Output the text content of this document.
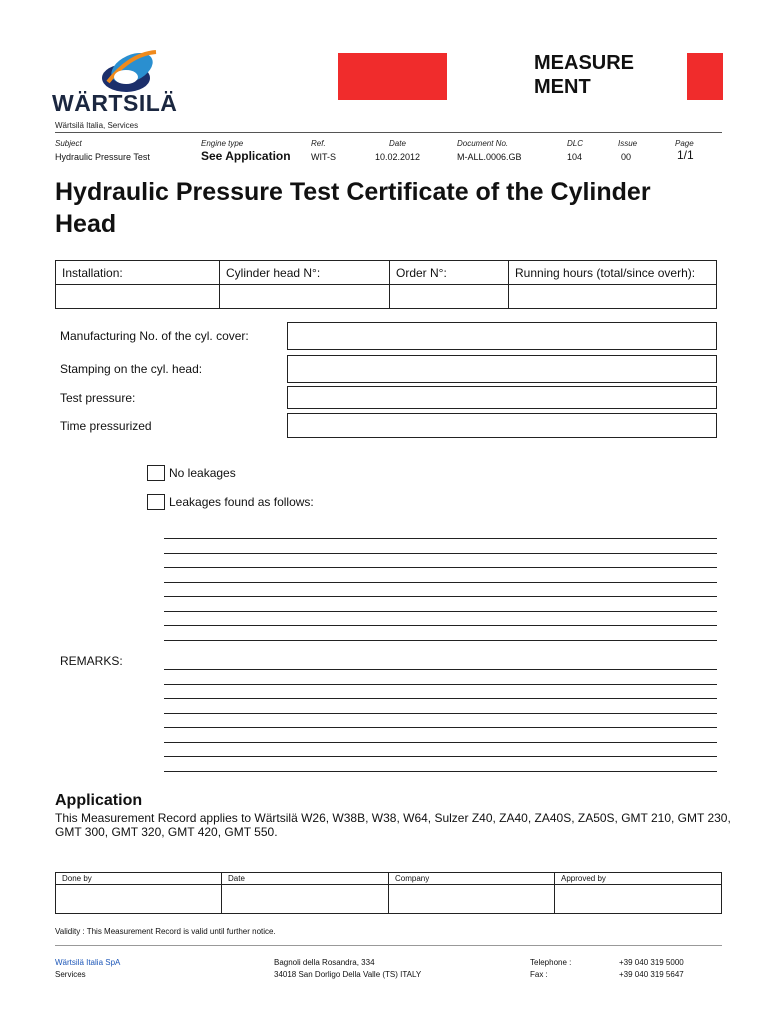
WÄRTSILÄ
MEASURE
MENT
Wärtsilä Italia, Services
Subject	Engine type	Ref.	Date	Document No.	DLC	Issue	Page
Hydraulic Pressure Test	See Application WIT-S	10.02.2012	M-ALL.0006.GB	104	00	1/1
Hydraulic Pressure Test Certificate of the Cylinder Head
Installation:	Cylinder head N°:	Order N°:	Running hours (total/since overh):

Manufacturing No. of the cyl. cover:
Stamping on the cyl. head:
Test pressure:
Time pressurized
No leakages
Leakages found as follows:
REMARKS:
Application
This Measurement Record applies to Wärtsilä W26, W38B, W38, W64, Sulzer Z40, ZA40, ZA40S, ZA50S, GMT 210, GMT 230, GMT 300, GMT 320, GMT 420, GMT 550.
Done by	Date	Company	Approved by

Validity : This Measurement Record is valid until further notice.
Wärtsilä Italia SpA
Services
Bagnoli della Rosandra, 334
34018 San Dorligo Della Valle (TS) ITALY
Telephone :
Fax :
+39 040 319 5000
+39 040 319 5647
